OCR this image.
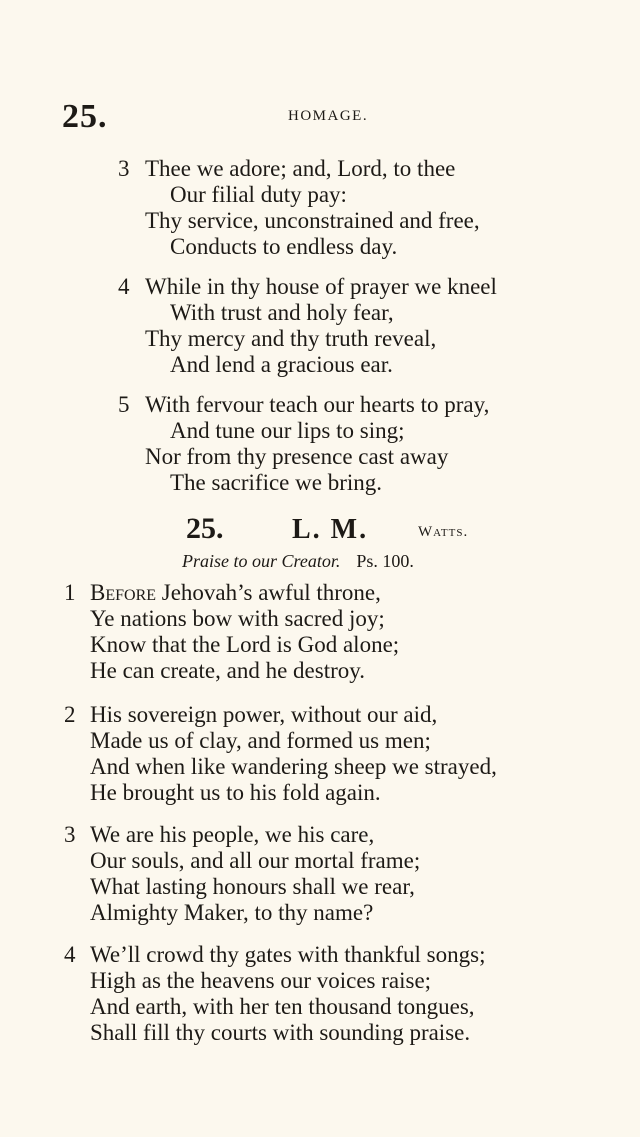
25.	HOMAGE.
3 Thee we adore; and, Lord, to thee
Our filial duty pay:
Thy service, unconstrained and free,
Conducts to endless day.
4 While in thy house of prayer we kneel
With trust and holy fear,
Thy mercy and thy truth reveal,
And lend a gracious ear.
5 With fervour teach our hearts to pray,
And tune our lips to sing;
Nor from thy presence cast away
The sacrifice we bring.
25. L. M.	Watts.
Praise to our Creator. Ps. 100.
1 Before Jehovah’s awful throne,
Ye nations bow with sacred joy;
Know that the Lord is God alone;
He can create, and he destroy.
2 His sovereign power, without our aid,
Made us of clay, and formed us men;
And when like wandering sheep we strayed,
He brought us to his fold again.
3 We are his people, we his care,
Our souls, and all our mortal frame;
What lasting honours shall we rear,
Almighty Maker, to thy name?
4 We’ll crowd thy gates with thankful songs;
High as the heavens our voices raise;
And earth, with her ten thousand tongues,
Shall fill thy courts with sounding praise.
